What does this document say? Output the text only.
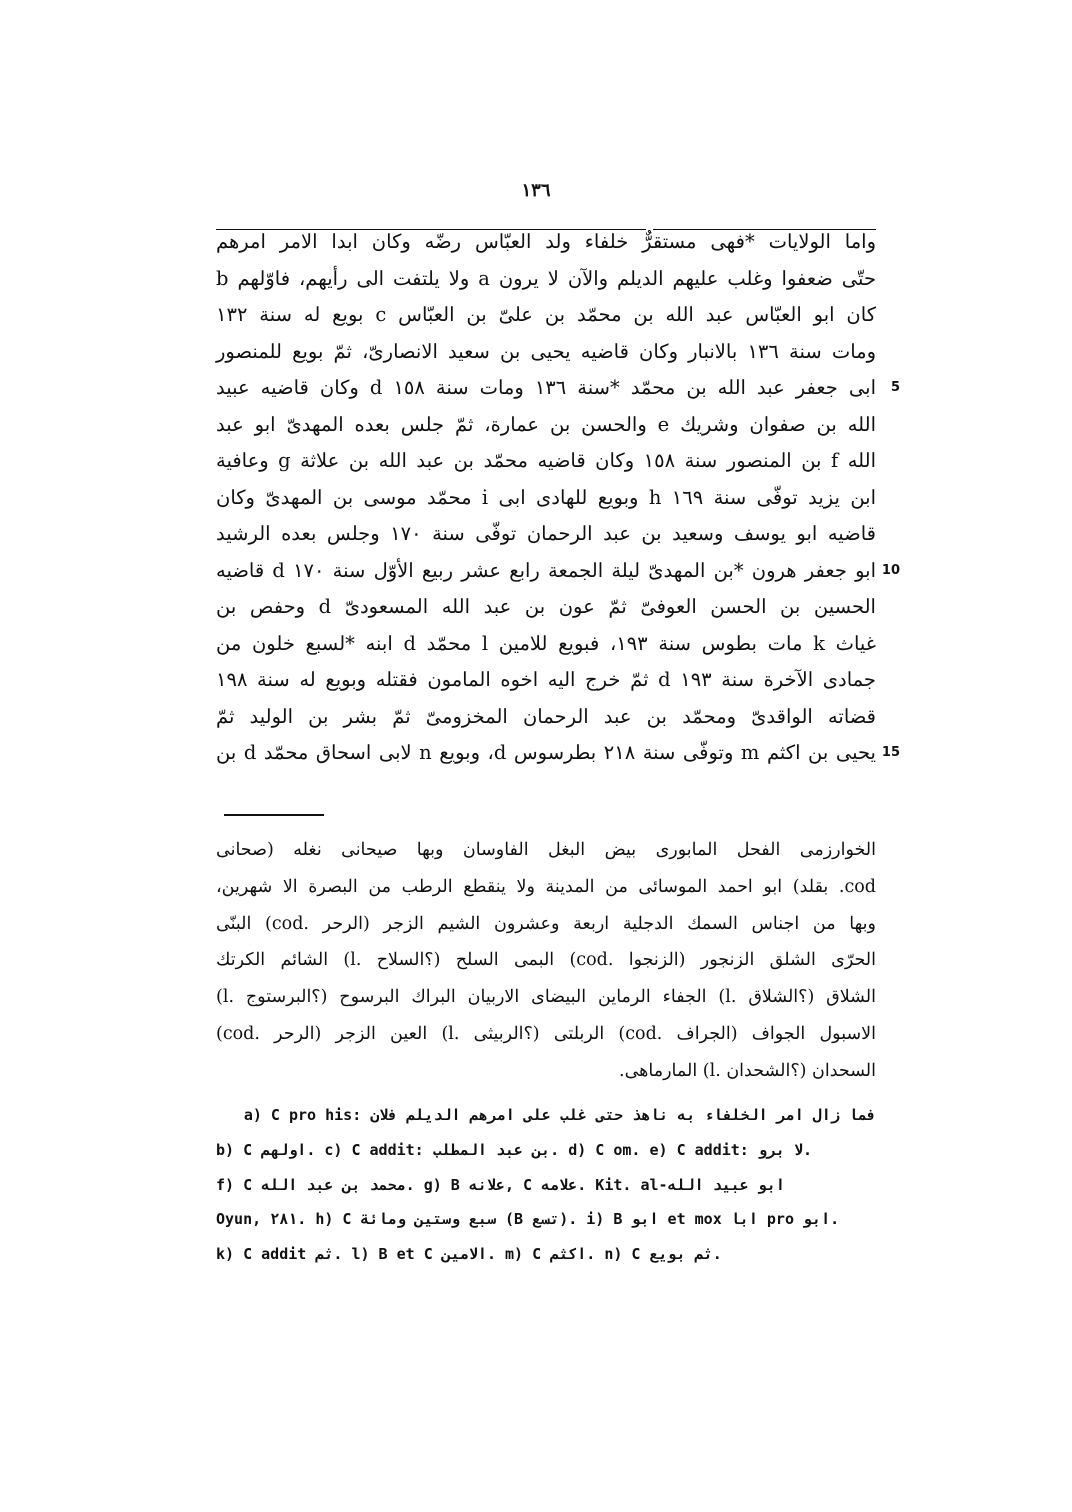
١٣٦
واما الولايات *فهى مستقرٌّ خلفاء ولد العبّاس رضّه وكان ابدا الامر امرهم
حتّى ضعفوا وغلب عليهم الديلم والآن لا يرون a ولا يلتفت الى رأيهم، فاوّلهم b
كان ابو العبّاس عبد الله بن محمّد بن علىّ بن العبّاس c بويع له سنة ١٣٢
ومات سنة ١٣٦ بالانبار وكان قاضيه يحيى بن سعيد الانصارىّ، ثمّ بويع للمنصور
5
ابى جعفر عبد الله بن محمّد *سنة ١٣٦ ومات سنة ١٥٨ d وكان قاضيه عبيد
الله بن صفوان وشريك e والحسن بن عمارة، ثمّ جلس بعده المهدىّ ابو عبد
الله f بن المنصور سنة ١٥٨ وكان قاضيه محمّد بن عبد الله بن علاثة g وعافية
ابن يزيد توفّى سنة ١٦٩ h وبويع للهادى ابى i محمّد موسى بن المهدىّ وكان
قاضيه ابو يوسف وسعيد بن عبد الرحمان توفّى سنة ١٧٠ وجلس بعده الرشيد
10
ابو جعفر هرون *بن المهدىّ ليلة الجمعة رابع عشر ربيع الأوّل سنة ١٧٠ d قاضيه
الحسين بن الحسن العوفىّ ثمّ عون بن عبد الله المسعودىّ d وحفص بن
غياث k مات بطوس سنة ١٩٣، فبويع للامين l محمّد d ابنه *لسبع خلون من
جمادى الآخرة سنة ١٩٣ d ثمّ خرج اليه اخوه المامون فقتله وبويع له سنة ١٩٨
قضاته الواقدىّ ومحمّد بن عبد الرحمان المخزومىّ ثمّ بشر بن الوليد ثمّ
15
يحيى بن اكثم m وتوفّى سنة ٢١٨ بطرسوس d، وبويع n لابى اسحاق محمّد d بن
الخوارزمى الفحل المابورى بيض البغل الفاوسان وبها صيحانى نغله (صحانى
cod. بقلد) ابو احمد الموسائى من المدينة ولا ينقطع الرطب من البصرة الا شهرين،
وبها من اجناس السمك الدجلية اربعة وعشرون الشيم الزجر (الرحر .cod) البنّى
الحرّى الشلق الزنجور (الزنجوا .cod) البمى السلح (؟السلاح .l) الشائم الكرتك
الشلاق (؟الشلاق .l) الجفاء الرماين البيضاى الاربيان البراك البرسوح (؟البرستوج .l)
الاسبول الجواف (الجراف .cod) الربلتى (؟الربيثى .l) العين الزجر (الرحر .cod)
السحدان (؟الشحدان .l) المارماهى.
a) C pro his: فما زال امر الخلفاء به ناهذ حتى غلب على امرهم الديلم فلان
b) C اولهم. c) C addit: بن عبد المطلب. d) C om. e) C addit: لا برو.
f) C محمد بن عبد الله. g) B علانه, C علامه. Kit. al-ابو عبيد الله
Oyun, ٢٨١. h) C سبع وستين ومائة (B تسع). i) B ابو et mox ابا pro ابو.
k) C addit ثم. l) B et C الامين. m) C اكثم. n) C ثم بويع.
